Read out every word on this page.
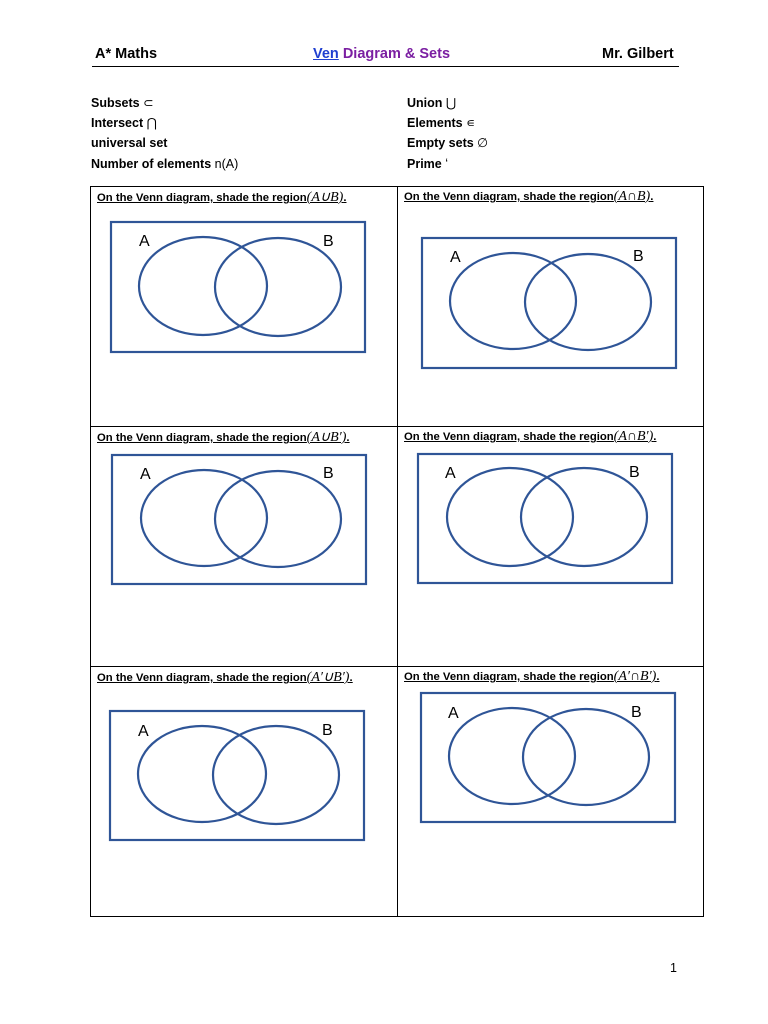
A* Maths	Ven Diagram & Sets	Mr. Gilbert
Subsets ⊂
Intersect ⋂
universal set
Number of elements n(A)
Union ⋃
Elements ∊
Empty sets ∅
Prime ʻ
On the Venn diagram, shade the region(A∪B).
A	B
On the Venn diagram, shade the region(A∩B).
A	B
On the Venn diagram, shade the region(A∪B′).
A	B
On the Venn diagram, shade the region(A∩B′).
A	B
On the Venn diagram, shade the region(A′∪B′).
A	B
On the Venn diagram, shade the region(A′∩B′).
A	B
1
